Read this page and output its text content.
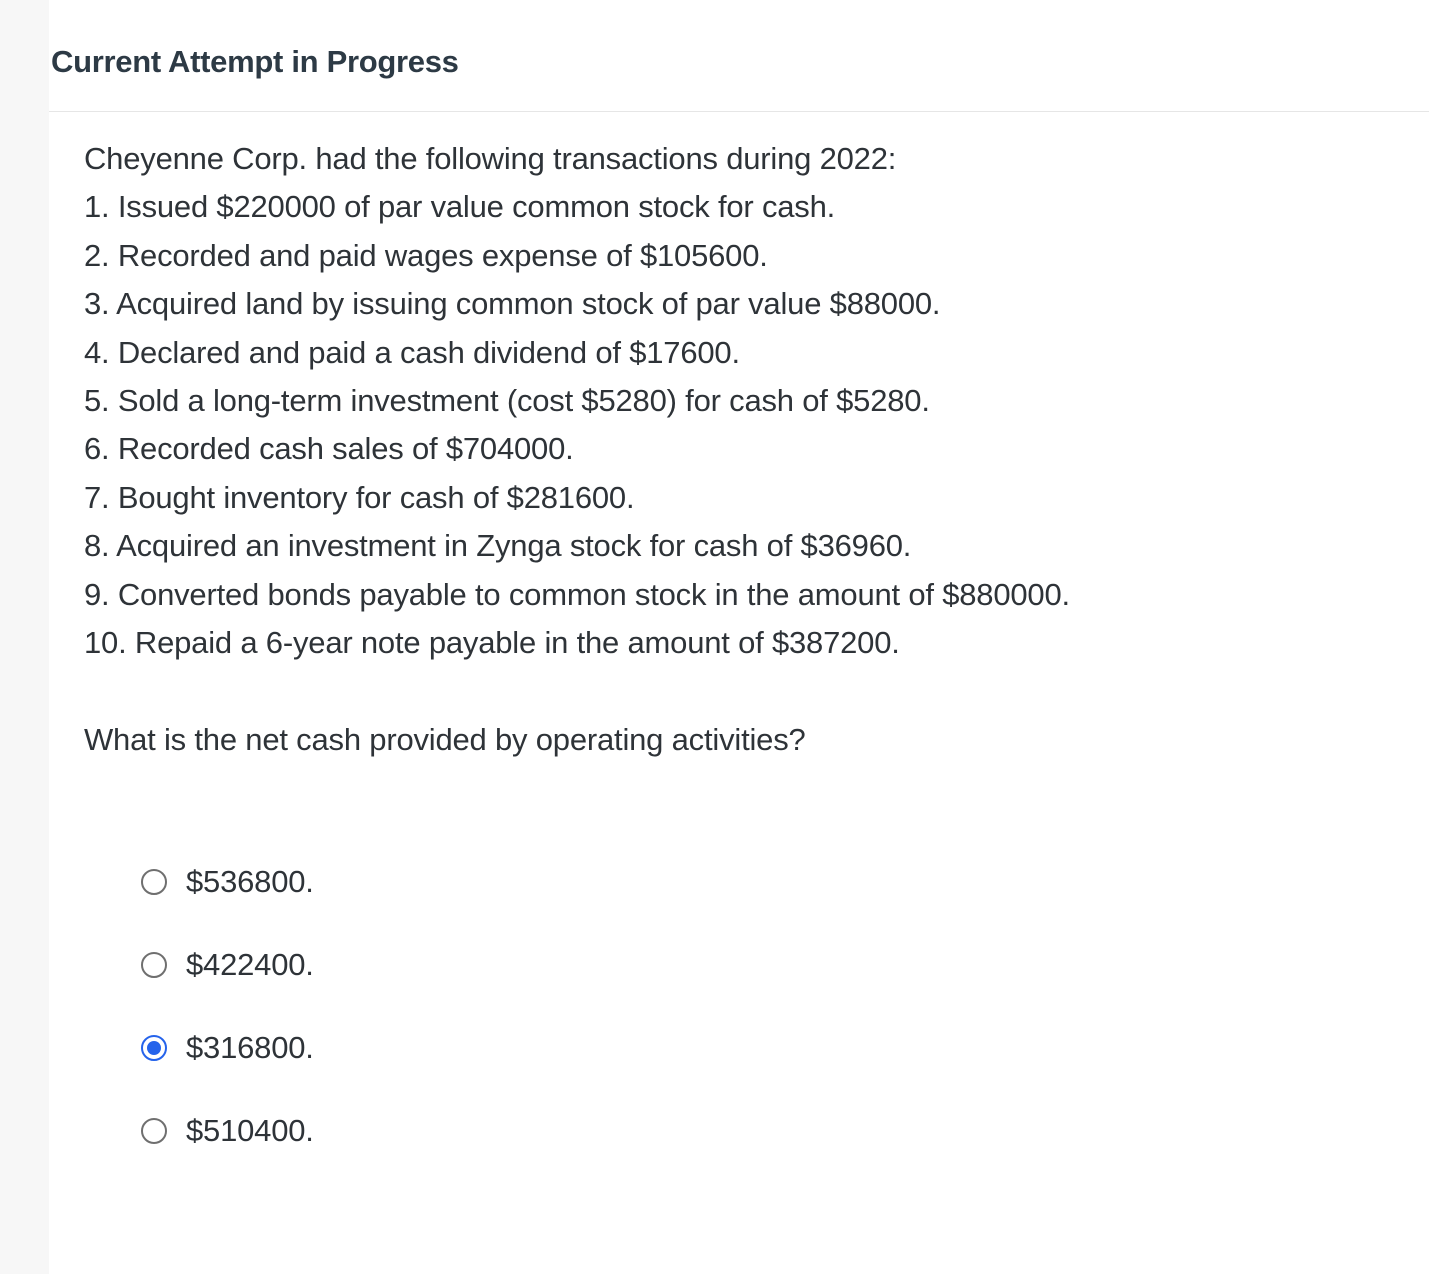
Current Attempt in Progress
Cheyenne Corp. had the following transactions during 2022:
1. Issued $220000 of par value common stock for cash.
2. Recorded and paid wages expense of $105600.
3. Acquired land by issuing common stock of par value $88000.
4. Declared and paid a cash dividend of $17600.
5. Sold a long-term investment (cost $5280) for cash of $5280.
6. Recorded cash sales of $704000.
7. Bought inventory for cash of $281600.
8. Acquired an investment in Zynga stock for cash of $36960.
9. Converted bonds payable to common stock in the amount of $880000.
10. Repaid a 6-year note payable in the amount of $387200.
What is the net cash provided by operating activities?
$536800.
$422400.
$316800.
$510400.
